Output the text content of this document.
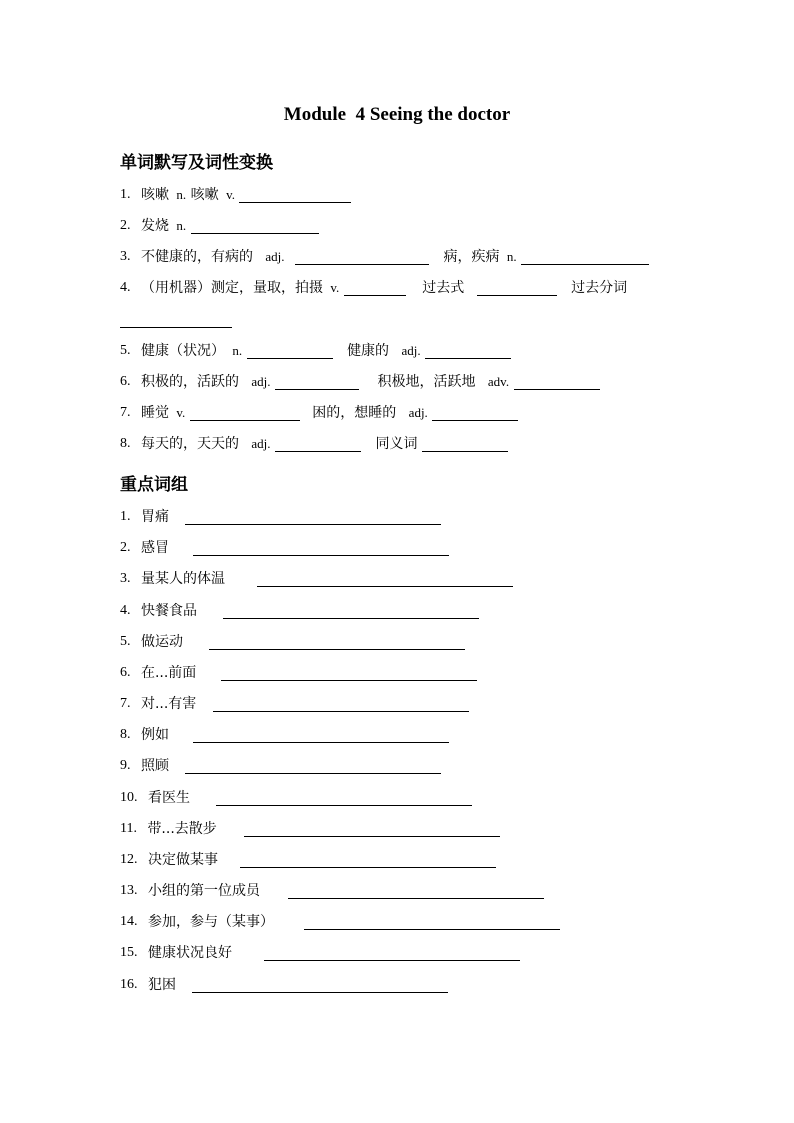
Module  4 Seeing the doctor
单词默写及词性变换
1. 咳嗽 n. 咳嗽 v.
2. 发烧 n.
3. 不健康的，有病的 adj.	病，疾病 n.
4. （用机器）测定，量取，拍摄 v.	过去式	过去分词
5. 健康（状况） n.	健康的 adj.
6. 积极的，活跃的 adj.	积极地，活跃地 adv.
7. 睡觉 v.	困的，想睡的 adj.
8. 每天的，天天的 adj.	同义词
重点词组
1. 胃痛
2. 感冒
3. 量某人的体温
4. 快餐食品
5. 做运动
6. 在...前面
7. 对...有害
8. 例如
9. 照顾
10. 看医生
11. 带...去散步
12. 决定做某事
13. 小组的第一位成员
14. 参加，参与（某事）
15. 健康状况良好
16. 犯困
